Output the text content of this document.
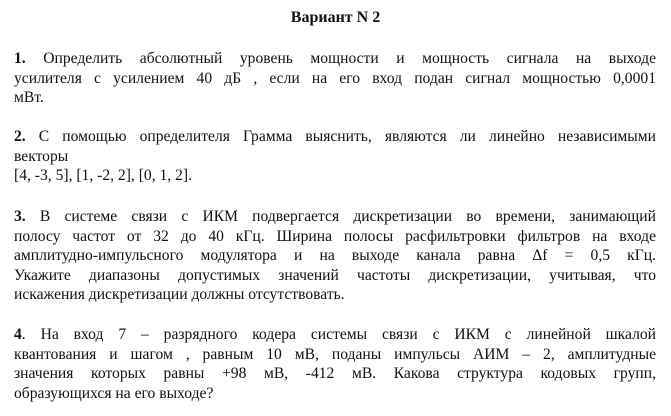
Вариант N 2
1. Определить абсолютный уровень мощности и мощность сигнала на выходе
усилителя с усилением 40 дБ , если на его вход подан сигнал мощностью 0,0001
мВт.
2. С помощью определителя Грамма выяснить, являются ли линейно независимыми
векторы
[4, -3, 5], [1, -2, 2], [0, 1, 2].
3. В системе связи с ИКМ подвергается дискретизации во времени, занимающий
полосу частот от 32 до 40 кГц. Ширина полосы расфильтровки фильтров на входе
амплитудно-импульсного модулятора и на выходе канала равна Δf = 0,5 кГц.
Укажите диапазоны допустимых значений частоты дискретизации, учитывая, что
искажения дискретизации должны отсутствовать.
4. На вход 7 – разрядного кодера системы связи с ИКМ с линейной шкалой
квантования и шагом , равным 10 мВ, поданы импульсы АИМ – 2, амплитудные
значения которых равны +98 мВ, -412 мВ. Какова структура кодовых групп,
образующихся на его выходе?
